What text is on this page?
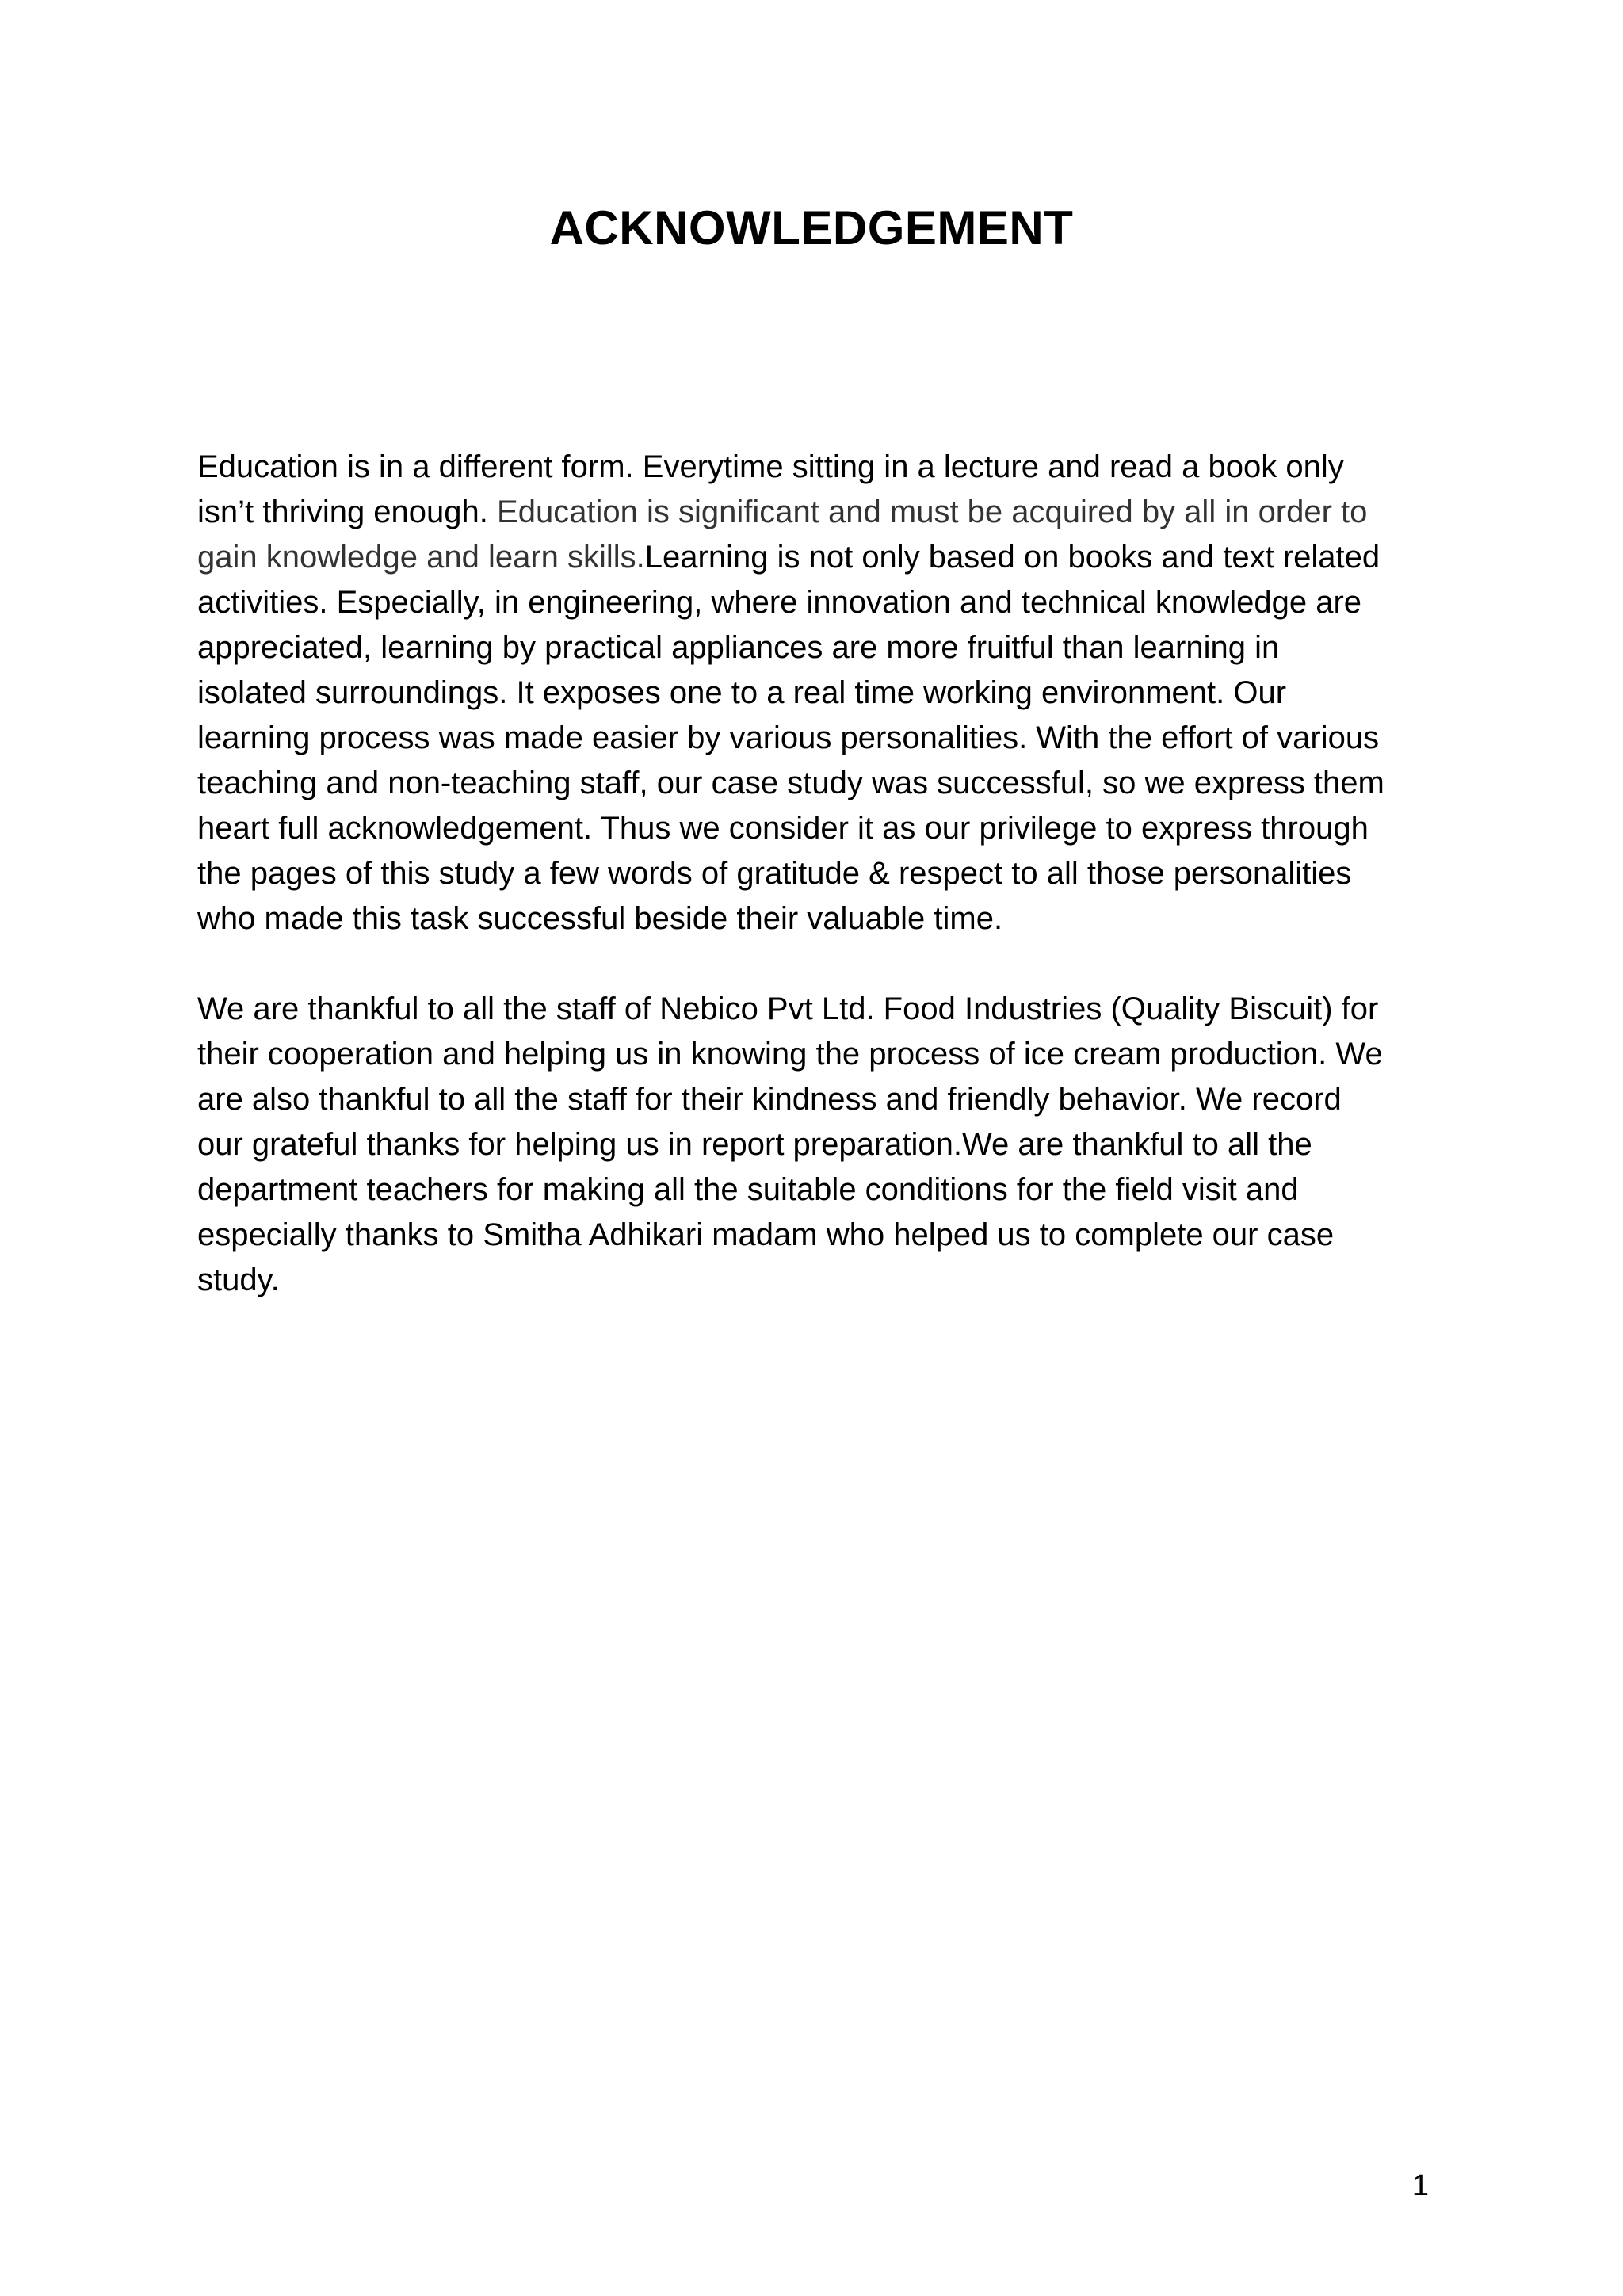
ACKNOWLEDGEMENT

Education is in a different form. Everytime sitting in a lecture and read a book only
isn’t thriving enough. Education is significant and must be acquired by all in order to
gain knowledge and learn skills.Learning is not only based on books and text related
activities. Especially, in engineering, where innovation and technical knowledge are
appreciated, learning by practical appliances are more fruitful than learning in
isolated surroundings. It exposes one to a real time working environment. Our
learning process was made easier by various personalities. With the effort of various
teaching and non-teaching staff, our case study was successful, so we express them
heart full acknowledgement. Thus we consider it as our privilege to express through
the pages of this study a few words of gratitude & respect to all those personalities
who made this task successful beside their valuable time.

We are thankful to all the staff of Nebico Pvt Ltd. Food Industries (Quality Biscuit) for
their cooperation and helping us in knowing the process of ice cream production. We
are also thankful to all the staff for their kindness and friendly behavior. We record
our grateful thanks for helping us in report preparation.We are thankful to all the
department teachers for making all the suitable conditions for the field visit and
especially thanks to Smitha Adhikari madam who helped us to complete our case
study.

1
